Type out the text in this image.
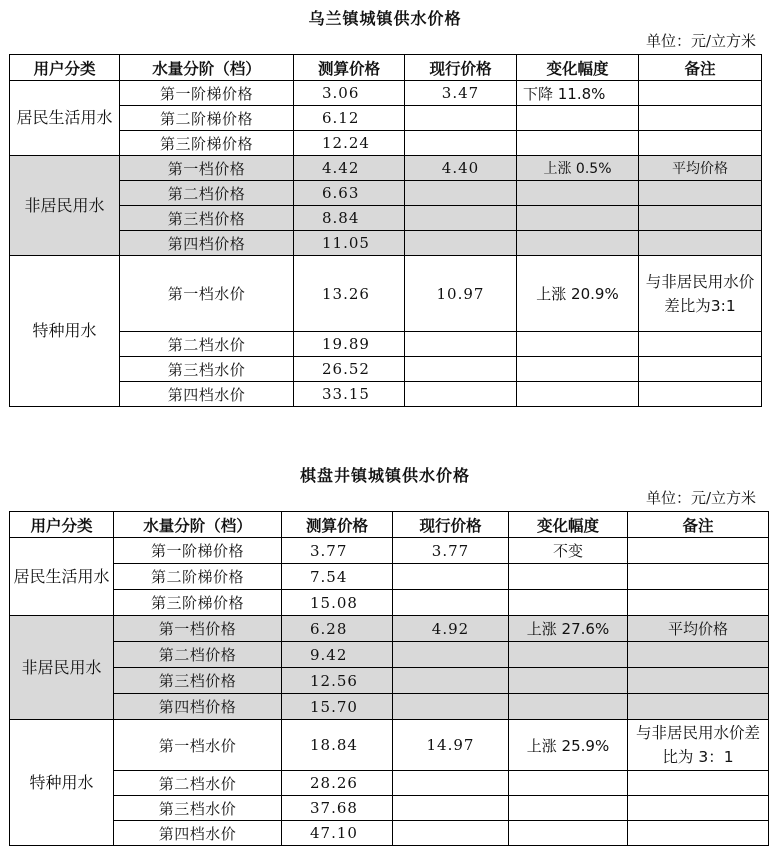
乌兰镇城镇供水价格
单位：元/立方米
用户分类	水量分阶（档）	测算价格	现行价格	变化幅度	备注
居民生活用水	第一阶梯价格	3.06	3.47	下降 11.8%	
	第二阶梯价格	6.12			
	第三阶梯价格	12.24			
非居民用水	第一档价格	4.42	4.40	上涨 0.5%	平均价格
	第二档价格	6.63			
	第三档价格	8.84			
	第四档价格	11.05			
特种用水	第一档水价	13.26	10.97	上涨 20.9%	与非居民用水价差比为3:1
	第二档水价	19.89			
	第三档水价	26.52			
	第四档水价	33.15			
棋盘井镇城镇供水价格
单位：元/立方米
用户分类	水量分阶（档）	测算价格	现行价格	变化幅度	备注
居民生活用水	第一阶梯价格	3.77	3.77	不变	
	第二阶梯价格	7.54			
	第三阶梯价格	15.08			
非居民用水	第一档价格	6.28	4.92	上涨 27.6%	平均价格
	第二档价格	9.42			
	第三档价格	12.56			
	第四档价格	15.70			
特种用水	第一档水价	18.84	14.97	上涨 25.9%	与非居民用水价差比为 3：1
	第二档水价	28.26			
	第三档水价	37.68			
	第四档水价	47.10			
